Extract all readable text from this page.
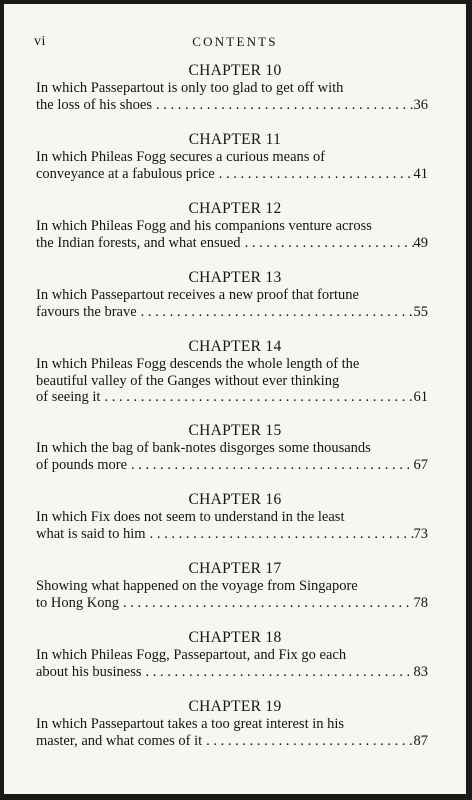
vi	CONTENTS
CHAPTER 10
In which Passepartout is only too glad to get off with
the loss of his shoes . . .	36
CHAPTER 11
In which Phileas Fogg secures a curious means of
conveyance at a fabulous price . . .	41
CHAPTER 12
In which Phileas Fogg and his companions venture across
the Indian forests, and what ensued . . .	49
CHAPTER 13
In which Passepartout receives a new proof that fortune
favours the brave . . .	55
CHAPTER 14
In which Phileas Fogg descends the whole length of the
beautiful valley of the Ganges without ever thinking
of seeing it . . .	61
CHAPTER 15
In which the bag of bank-notes disgorges some thousands
of pounds more . . .	67
CHAPTER 16
In which Fix does not seem to understand in the least
what is said to him . . .	73
CHAPTER 17
Showing what happened on the voyage from Singapore
to Hong Kong . . .	78
CHAPTER 18
In which Phileas Fogg, Passepartout, and Fix go each
about his business . . .	83
CHAPTER 19
In which Passepartout takes a too great interest in his
master, and what comes of it . . .	87
